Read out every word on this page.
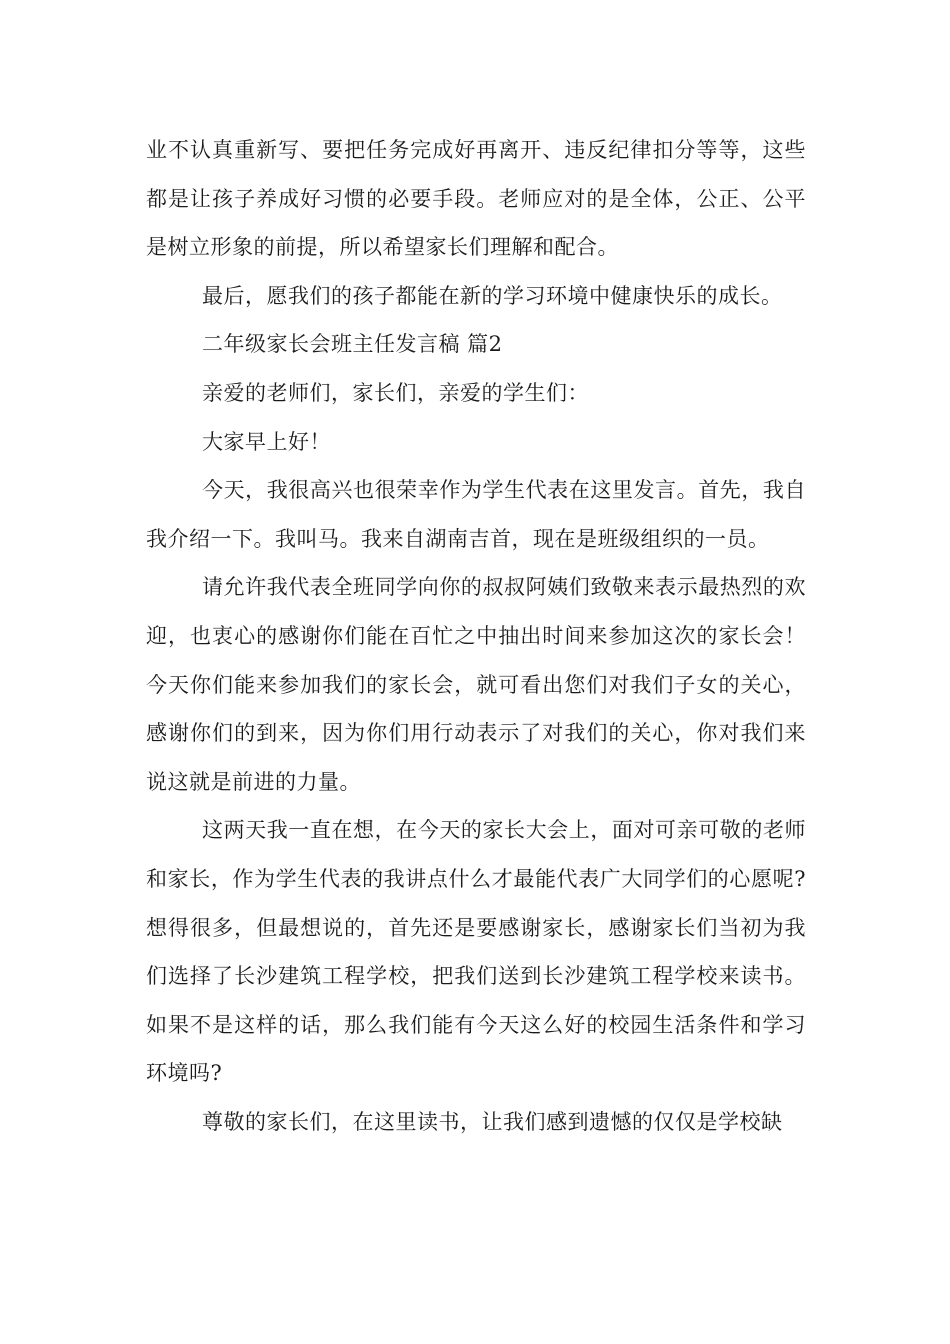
业不认真重新写、要把任务完成好再离开、违反纪律扣分等等，这些都是让孩子养成好习惯的必要手段。老师应对的是全体，公正、公平是树立形象的前提，所以希望家长们理解和配合。

最后，愿我们的孩子都能在新的学习环境中健康快乐的成长。

二年级家长会班主任发言稿 篇2

亲爱的老师们，家长们，亲爱的学生们：

大家早上好！

今天，我很高兴也很荣幸作为学生代表在这里发言。首先，我自我介绍一下。我叫马。我来自湖南吉首，现在是班级组织的一员。

请允许我代表全班同学向你的叔叔阿姨们致敬来表示最热烈的欢迎，也衷心的感谢你们能在百忙之中抽出时间来参加这次的家长会！今天你们能来参加我们的家长会，就可看出您们对我们子女的关心，感谢你们的到来，因为你们用行动表示了对我们的关心，你对我们来说这就是前进的力量。

这两天我一直在想，在今天的家长大会上，面对可亲可敬的老师和家长，作为学生代表的我讲点什么才最能代表广大同学们的心愿呢?想得很多，但最想说的，首先还是要感谢家长，感谢家长们当初为我们选择了长沙建筑工程学校，把我们送到长沙建筑工程学校来读书。如果不是这样的话，那么我们能有今天这么好的校园生活条件和学习环境吗?

尊敬的家长们，在这里读书，让我们感到遗憾的仅仅是学校缺
